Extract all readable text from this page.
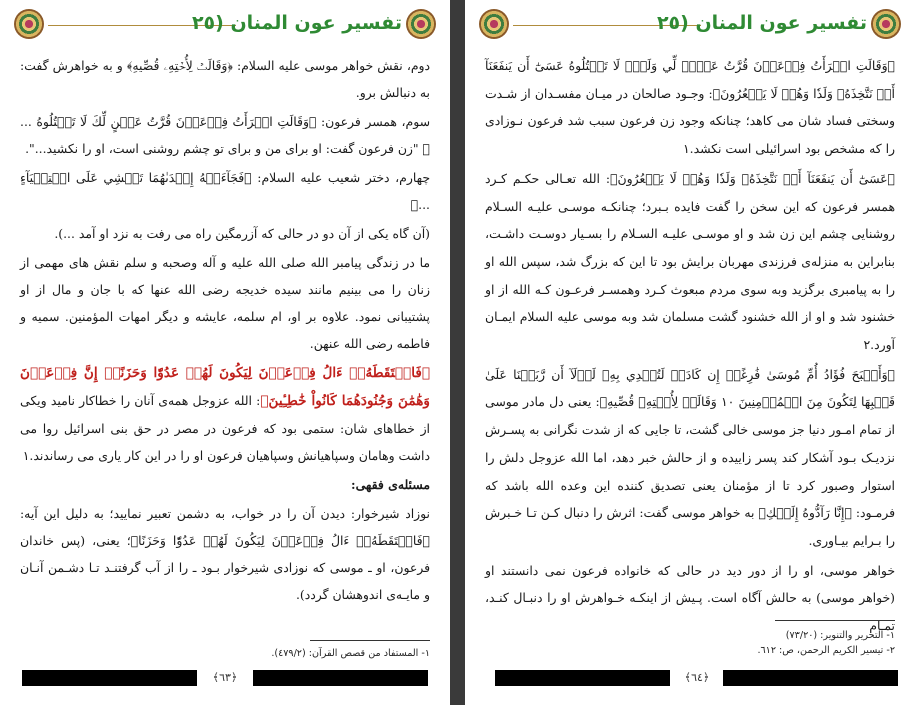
تفسير عون المنان (٢٥

دوم، نقش خواهر موسی علیه السلام: ﴿وَقَالَتۡ لِأُخۡتِهِۦ قُصِّيهِ﴾ و به خواهرش گفت: به دنبالش برو.

سوم، همسر فرعون: ﴿وَقَالَتِ امۡرَأَتُ فِرۡعَوۡنَ قُرَّتُ عَيۡنٍ لِّكَ لَا تَقۡتُلُوهُ ... ﴾ "زن فرعون گفت: او برای من و برای تو چشم روشنی است، او را نکشید...".

چهارم، دختر شعیب علیه السلام: ﴿فَجَآءَتۡهُ إِحۡدَىٰهُمَا تَمۡشِي عَلَى اسۡتِحۡيَآءٍ ...﴾

(آن گاه یکی از آن دو در حالی که آزرمگین راه می رفت به نزد او آمد ...).

ما در زندگی پیامبر الله صلی الله علیه و آله وصحبه و سلم نقش های مهمی از زنان را می بینیم مانند سیده خدیجه رضی الله عنها که با جان و مال از او پشتیبانی نمود. علاوه بر او، ام سلمه، عایشه و دیگر امهات المؤمنین. سمیه و فاطمه رضی الله عنهن.

﴿فَالۡتَقَطَهُۥٓ ءَالُ فِرۡعَوۡنَ لِيَكُونَ لَهُمۡ عَدُوّٗا وَحَزَنًاۗ إِنَّ فِرۡعَوۡنَ وَهَٰمَٰنَ وَجُنُودَهُمَا كَانُواْ خَٰطِـِٔينَ﴾: الله عزوجل همه‌ی آنان را خطاکار نامید ویکی از خطاهای شان: ستمی بود که فرعون در مصر در حق بنی اسرائیل روا می داشت وهامان وسپاهیانش وسپاهیان فرعون او را در این کار یاری می رساندند.١

مسئله‌ی فقهی:

نوزاد شیرخوار: دیدن آن را در خواب، به دشمن تعبیر نمایید؛ به دلیل این آیه: ﴿فَالۡتَقَطَهُۥٓ ءَالُ فِرۡعَوۡنَ لِيَكُونَ لَهُمۡ عَدُوّٗا وَحَزَنًا﴾؛ یعنی، (پس خاندان فرعون، او ـ موسی که نوزادی شیرخوار بـود ـ را از آب گرفتنـد تـا دشـمن آنـان و مایـه‌ی اندوهشان گردد).

١- المستفاد من قصص القرآن: (٤٧٩/٢).
﴿٦٣﴾
تفسير عون المنان (٢٥

﴿وَقَالَتِ امۡرَأَتُ فِرۡعَوۡنَ قُرَّتُ عَيۡنٖ لِّي وَلَكَۖ لَا تَقۡتُلُوهُ عَسَىٰٓ أَن يَنفَعَنَآ أَوۡ نَتَّخِذَهُۥ وَلَدٗا وَهُمۡ لَا يَشۡعُرُونَ﴾: وجـود صالحان در میـان مفسـدان از شـدت وسختی فساد شان می کاهد؛ چنانکه وجود زن فرعون سبب شد فرعون نـوزادی را که مشخص بود اسرائیلی است نکشد.١

﴿عَسَىٰٓ أَن يَنفَعَنَآ أَوۡ نَتَّخِذَهُۥ وَلَدٗا وَهُمۡ لَا يَشۡعُرُونَ﴾: الله تعـالی حکـم کـرد همسر فرعون که این سخن را گفت فایده بـبرد؛ چنانکـه موسـی علیـه السـلام روشنایی چشم این زن شد و او موسـی علیـه السـلام را بسـیار دوسـت داشـت، بنابراین به منزله‌ی فرزندی مهربان برایش بود تا این که بزرگ شد، سپس الله او را به پیامبری برگزید وبه سوی مردم مبعوث کـرد وهمسـر فرعـون کـه الله از او خشنود شد و او از الله خشنود گشت مسلمان شد وبه موسی علیه السلام ایمـان آورد.٢

﴿وَأَصۡبَحَ فُؤَادُ أُمِّ مُوسَىٰ فَٰرِغًاۖ إِن كَادَتۡ لَتُبۡدِي بِهِۦ لَوۡلَآ أَن رَّبَطۡنَا عَلَىٰ قَلۡبِهَا لِتَكُونَ مِنَ الۡمُؤۡمِنِينَ ١٠ وَقَالَتۡ لِأُخۡتِهِۦ قُصِّيهِ﴾: یعنی دل مادر موسی از تمام امـور دنیا جز موسی خالی گشت، تا جایی که از شدت نگرانی به پسـرش نزدیـک بـود آشکار کند پسر زاییده و از حالش خبر دهد، اما الله عزوجل دلش را استوار وصبور کرد تا از مؤمنان یعنی تصدیق کننده این وعده الله باشد که فرمـود: ﴿إِنَّا رَآدُّوهُ إِلَيۡكِ﴾ به خواهر موسی گفت: اثرش را دنبال کـن تـا خـبرش را بـرایم بیـاوری.

خواهر موسی، او را از دور دید در حالی که خانواده فرعون نمی دانستند او (خواهر موسی) به حالش آگاه است. پـیش از اینکـه خـواهرش او را دنبـال کنـد، تمـام

١- التحرير والتنوير: (٧٣/٢٠)
٢- تيسير الكريم الرحمن، ص: ٦١٢.
﴿٦٤﴾
